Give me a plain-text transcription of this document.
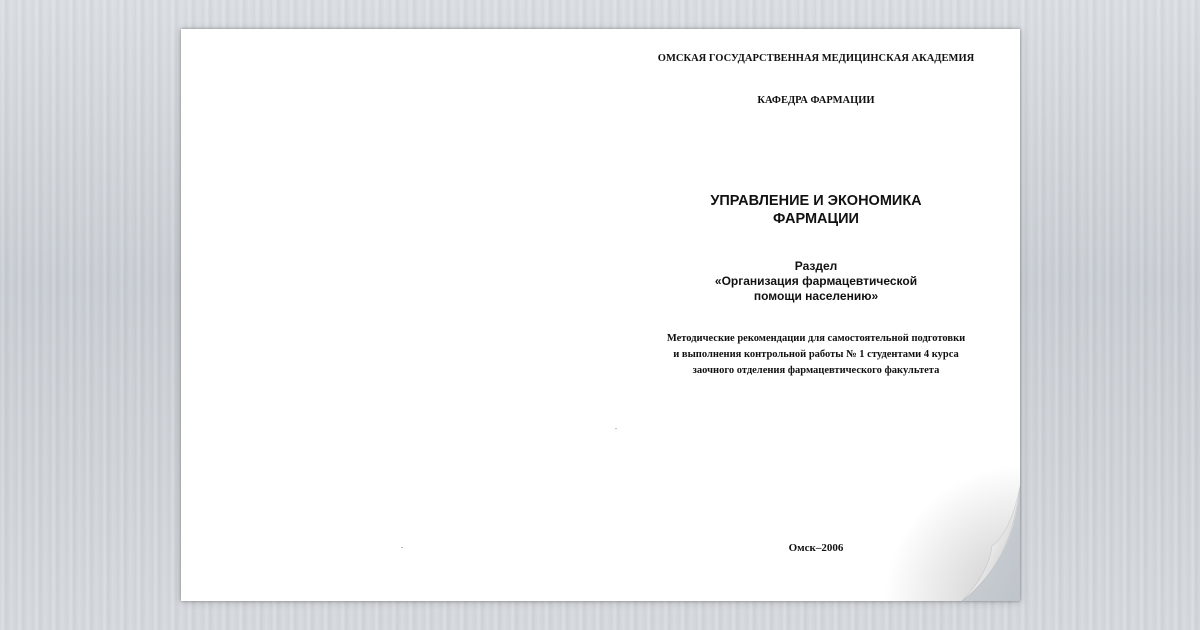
ОМСКАЯ ГОСУДАРСТВЕННАЯ МЕДИЦИНСКАЯ АКАДЕМИЯ
КАФЕДРА ФАРМАЦИИ
УПРАВЛЕНИЕ И ЭКОНОМИКА
ФАРМАЦИИ
Раздел
«Организация фармацевтической
помощи населению»
Методические рекомендации для самостоятельной подготовки
и выполнения контрольной работы № 1 студентами 4 курса
заочного отделения фармацевтического факультета
Омск–2006
